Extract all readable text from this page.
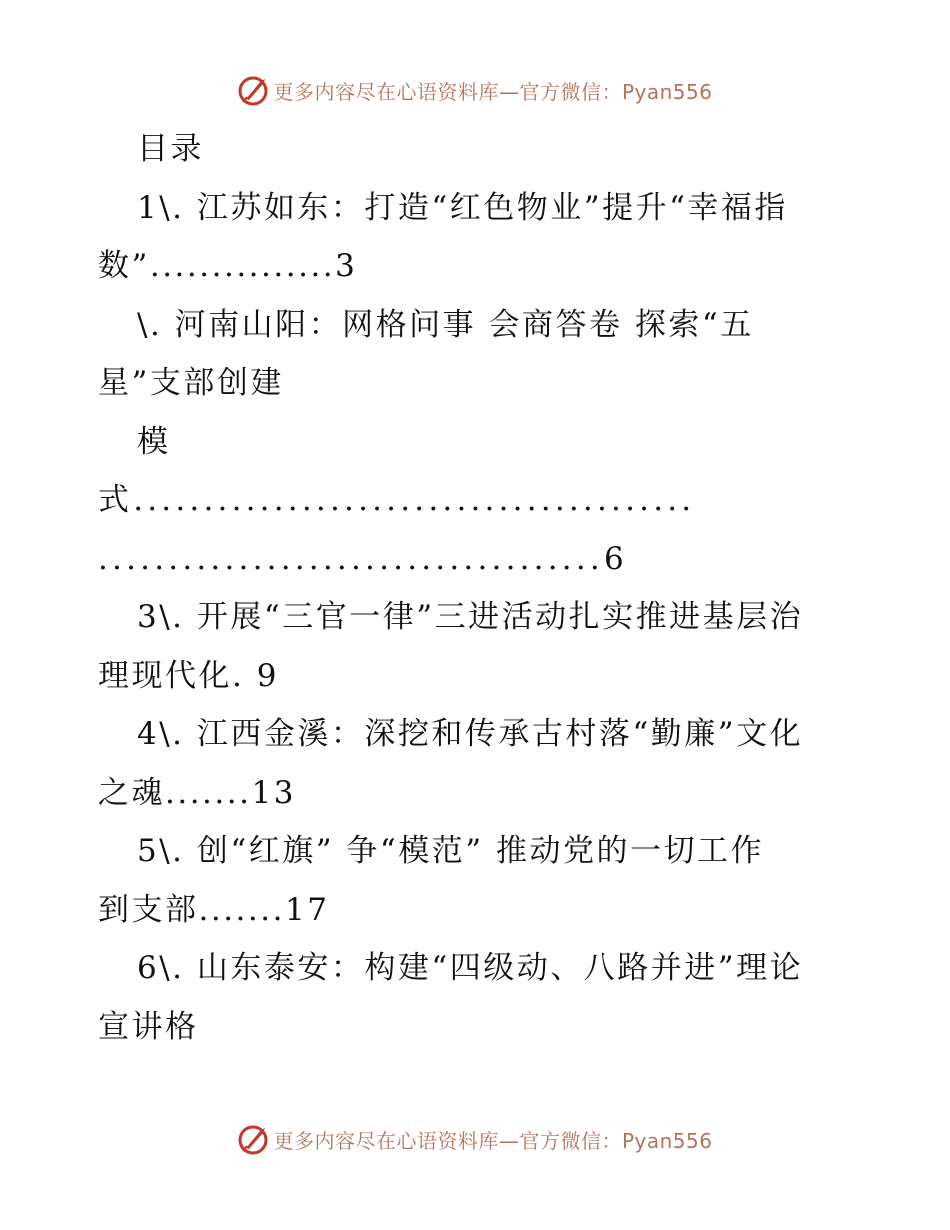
更多内容尽在心语资料库—官方微信：Pyan556
目录
1\. 江苏如东：打造“红色物业”提升“幸福指
数”...............3
\. 河南山阳：网格问事 会商答卷 探索“五
星”支部创建
模
式........................................
....................................6
3\. 开展“三官一律”三进活动扎实推进基层治
理现代化. 9
4\. 江西金溪：深挖和传承古村落“勤廉”文化
之魂.......13
5\. 创“红旗” 争“模范” 推动党的一切工作
到支部.......17
6\. 山东泰安：构建“四级动、八路并进”理论
宣讲格
更多内容尽在心语资料库—官方微信：Pyan556
